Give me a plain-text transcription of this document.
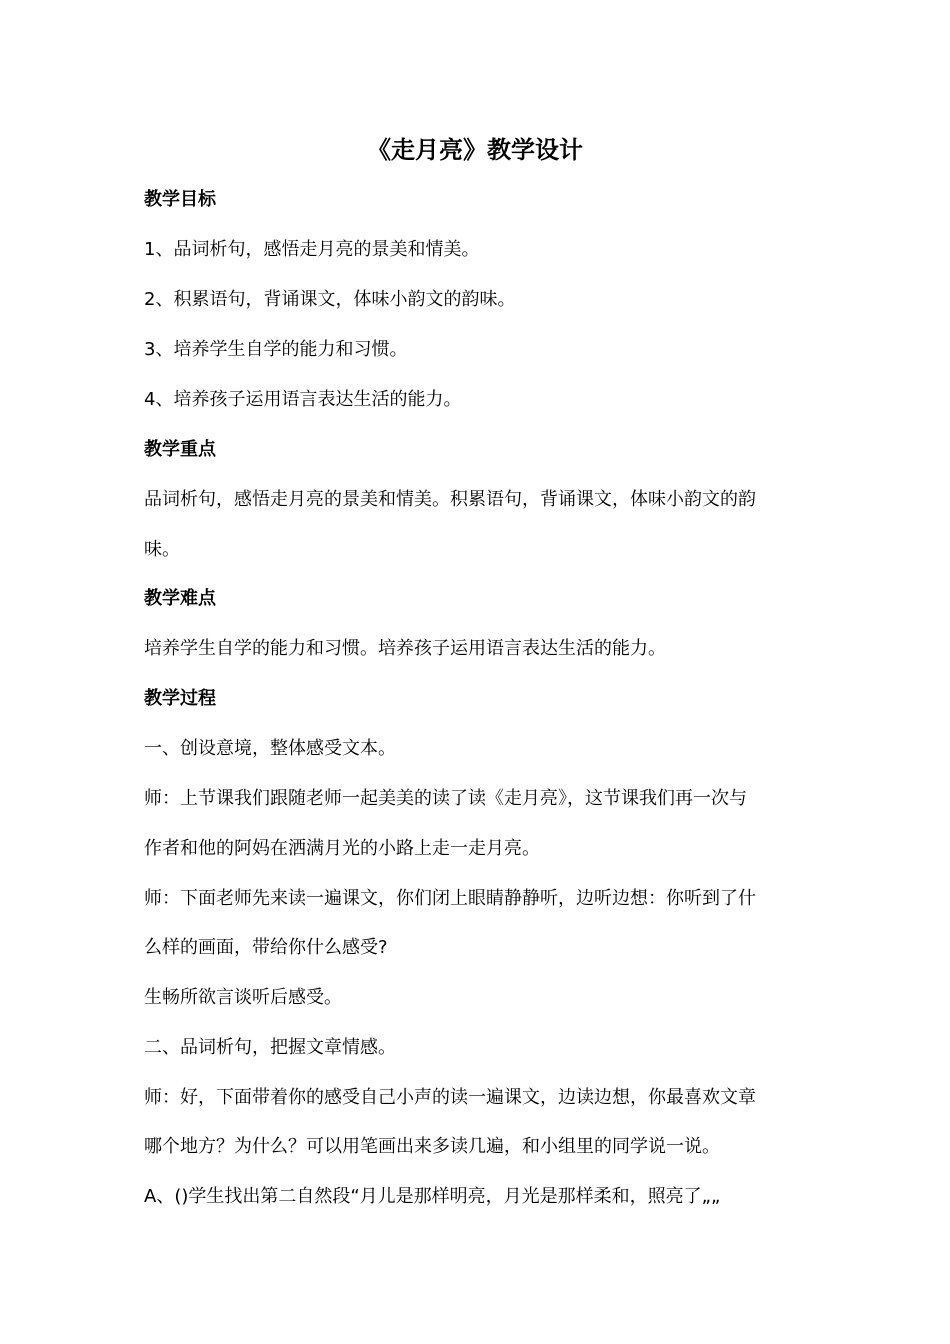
《走月亮》教学设计
教学目标
1、品词析句，感悟走月亮的景美和情美。
2、积累语句，背诵课文，体味小韵文的韵味。
3、培养学生自学的能力和习惯。
4、培养孩子运用语言表达生活的能力。
教学重点
品词析句，感悟走月亮的景美和情美。积累语句，背诵课文，体味小韵文的韵
味。
教学难点
培养学生自学的能力和习惯。培养孩子运用语言表达生活的能力。
教学过程
一、创设意境，整体感受文本。
师：上节课我们跟随老师一起美美的读了读《走月亮》，这节课我们再一次与
作者和他的阿妈在洒满月光的小路上走一走月亮。
师：下面老师先来读一遍课文，你们闭上眼睛静静听，边听边想：你听到了什
么样的画面，带给你什么感受?
生畅所欲言谈听后感受。
二、品词析句，把握文章情感。
师：好，下面带着你的感受自己小声的读一遍课文，边读边想，你最喜欢文章
哪个地方？为什么？可以用笔画出来多读几遍，和小组里的同学说一说。
A、()学生找出第二自然段“月儿是那样明亮，月光是那样柔和，照亮了„„
